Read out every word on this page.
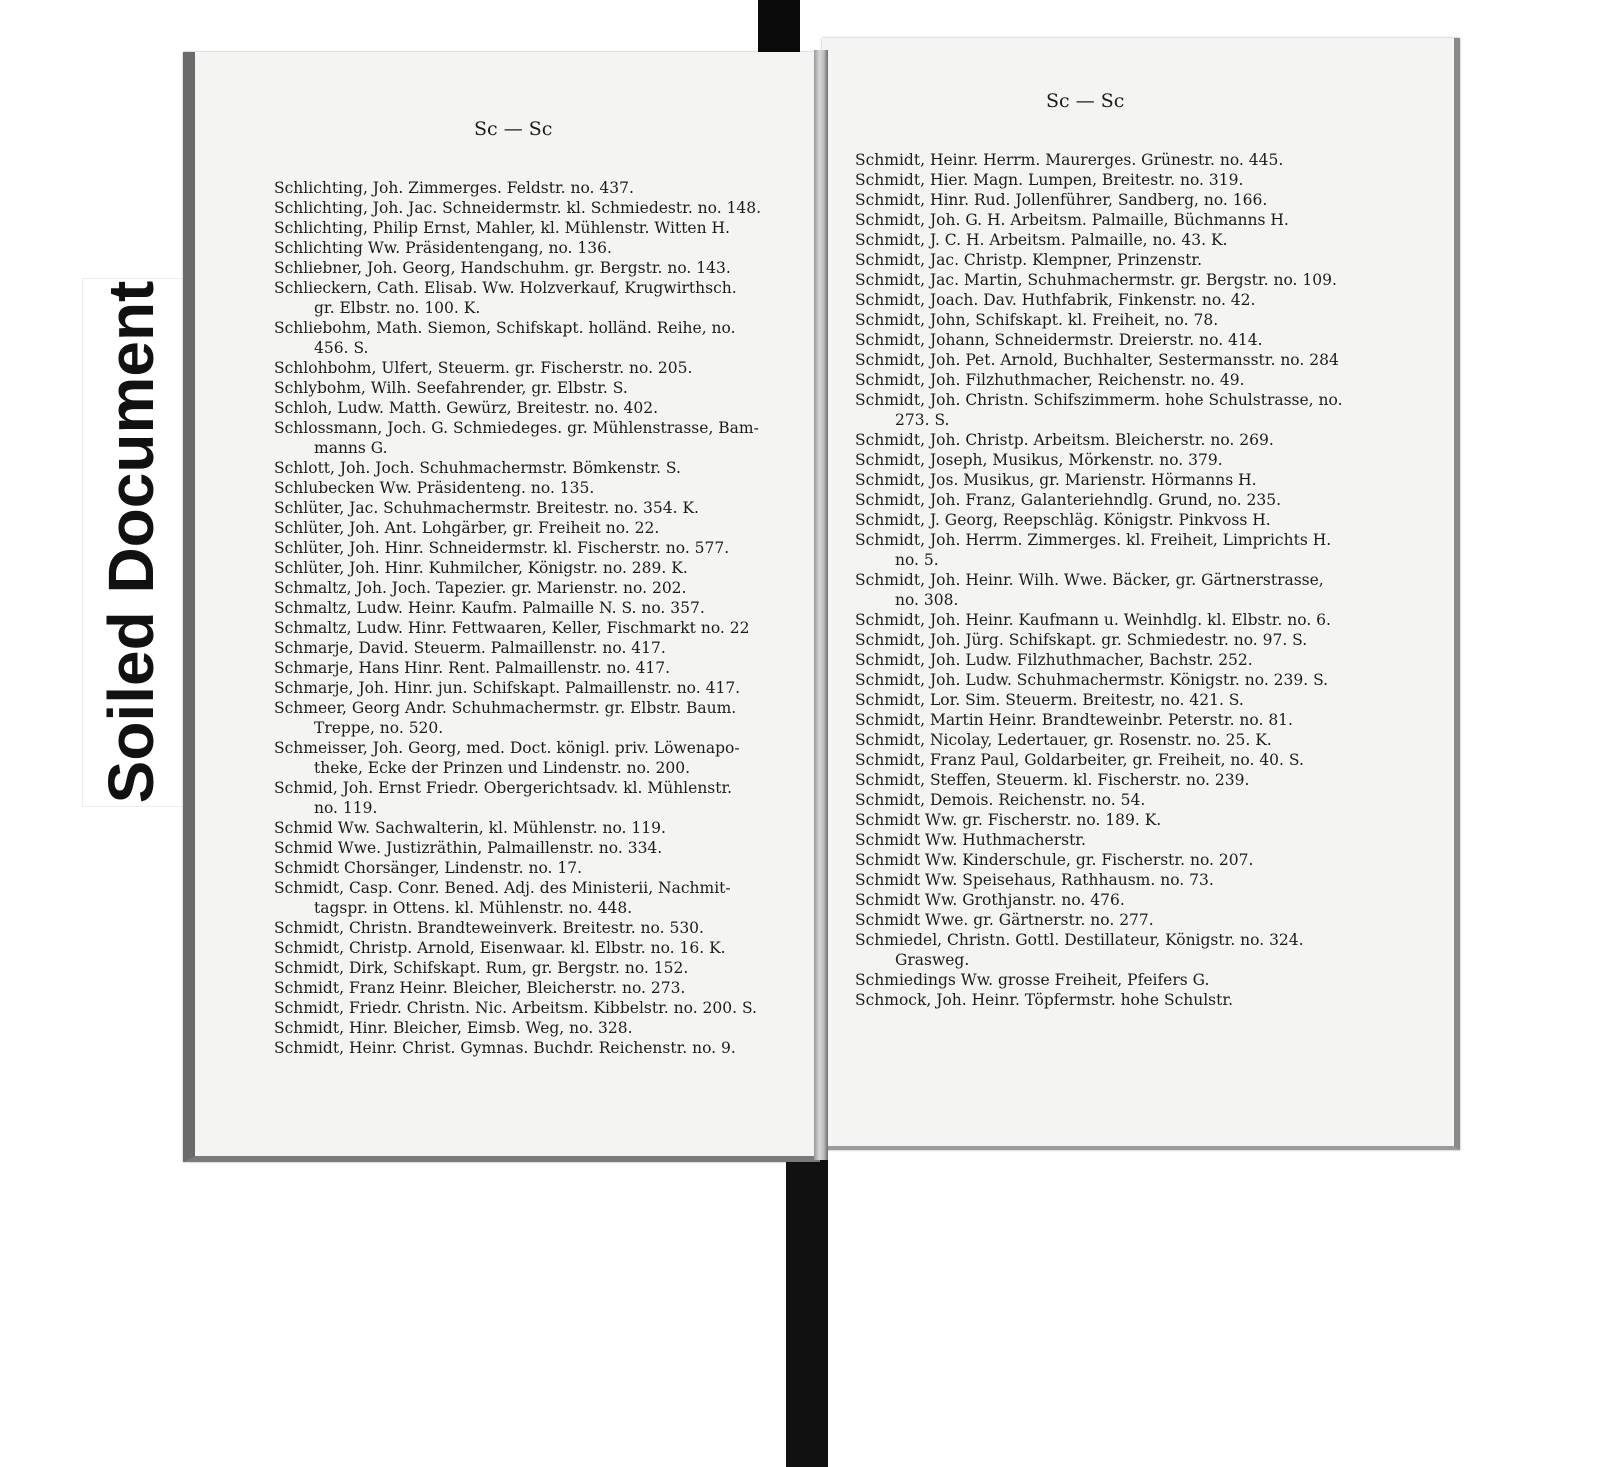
Soiled Document
Sc — Sc
Sc — Sc
Schlichting, Joh. Zimmerges. Feldstr. no. 437.
Schlichting, Joh. Jac. Schneidermstr. kl. Schmiedestr. no. 148.
Schlichting, Philip Ernst, Mahler, kl. Mühlenstr. Witten H.
Schlichting Ww. Präsidentengang, no. 136.
Schliebner, Joh. Georg, Handschuhm. gr. Bergstr. no. 143.
Schlieckern, Cath. Elisab. Ww. Holzverkauf, Krugwirthsch.
gr. Elbstr. no. 100. K.
Schliebohm, Math. Siemon, Schifskapt. holländ. Reihe, no.
456. S.
Schlohbohm, Ulfert, Steuerm. gr. Fischerstr. no. 205.
Schlybohm, Wilh. Seefahrender, gr. Elbstr. S.
Schloh, Ludw. Matth. Gewürz, Breitestr. no. 402.
Schlossmann, Joch. G. Schmiedeges. gr. Mühlenstrasse, Bam-
manns G.
Schlott, Joh. Joch. Schuhmachermstr. Bömkenstr. S.
Schlubecken Ww. Präsidenteng. no. 135.
Schlüter, Jac. Schuhmachermstr. Breitestr. no. 354. K.
Schlüter, Joh. Ant. Lohgärber, gr. Freiheit no. 22.
Schlüter, Joh. Hinr. Schneidermstr. kl. Fischerstr. no. 577.
Schlüter, Joh. Hinr. Kuhmilcher, Königstr. no. 289. K.
Schmaltz, Joh. Joch. Tapezier. gr. Marienstr. no. 202.
Schmaltz, Ludw. Heinr. Kaufm. Palmaille N. S. no. 357.
Schmaltz, Ludw. Hinr. Fettwaaren, Keller, Fischmarkt no. 22
Schmarje, David. Steuerm. Palmaillenstr. no. 417.
Schmarje, Hans Hinr. Rent. Palmaillenstr. no. 417.
Schmarje, Joh. Hinr. jun. Schifskapt. Palmaillenstr. no. 417.
Schmeer, Georg Andr. Schuhmachermstr. gr. Elbstr. Baum.
Treppe, no. 520.
Schmeisser, Joh. Georg, med. Doct. königl. priv. Löwenapo-
theke, Ecke der Prinzen und Lindenstr. no. 200.
Schmid, Joh. Ernst Friedr. Obergerichtsadv. kl. Mühlenstr.
no. 119.
Schmid Ww. Sachwalterin, kl. Mühlenstr. no. 119.
Schmid Wwe. Justizräthin, Palmaillenstr. no. 334.
Schmidt Chorsänger, Lindenstr. no. 17.
Schmidt, Casp. Conr. Bened. Adj. des Ministerii, Nachmit-
tagspr. in Ottens. kl. Mühlenstr. no. 448.
Schmidt, Christn. Brandteweinverk. Breitestr. no. 530.
Schmidt, Christp. Arnold, Eisenwaar. kl. Elbstr. no. 16. K.
Schmidt, Dirk, Schifskapt. Rum, gr. Bergstr. no. 152.
Schmidt, Franz Heinr. Bleicher, Bleicherstr. no. 273.
Schmidt, Friedr. Christn. Nic. Arbeitsm. Kibbelstr. no. 200. S.
Schmidt, Hinr. Bleicher, Eimsb. Weg, no. 328.
Schmidt, Heinr. Christ. Gymnas. Buchdr. Reichenstr. no. 9.
Schmidt, Heinr. Herrm. Maurerges. Grünestr. no. 445.
Schmidt, Hier. Magn. Lumpen, Breitestr. no. 319.
Schmidt, Hinr. Rud. Jollenführer, Sandberg, no. 166.
Schmidt, Joh. G. H. Arbeitsm. Palmaille, Büchmanns H.
Schmidt, J. C. H. Arbeitsm. Palmaille, no. 43. K.
Schmidt, Jac. Christp. Klempner, Prinzenstr.
Schmidt, Jac. Martin, Schuhmachermstr. gr. Bergstr. no. 109.
Schmidt, Joach. Dav. Huthfabrik, Finkenstr. no. 42.
Schmidt, John, Schifskapt. kl. Freiheit, no. 78.
Schmidt, Johann, Schneidermstr. Dreierstr. no. 414.
Schmidt, Joh. Pet. Arnold, Buchhalter, Sestermansstr. no. 284
Schmidt, Joh. Filzhuthmacher, Reichenstr. no. 49.
Schmidt, Joh. Christn. Schifszimmerm. hohe Schulstrasse, no.
273. S.
Schmidt, Joh. Christp. Arbeitsm. Bleicherstr. no. 269.
Schmidt, Joseph, Musikus, Mörkenstr. no. 379.
Schmidt, Jos. Musikus, gr. Marienstr. Hörmanns H.
Schmidt, Joh. Franz, Galanteriehndlg. Grund, no. 235.
Schmidt, J. Georg, Reepschläg. Königstr. Pinkvoss H.
Schmidt, Joh. Herrm. Zimmerges. kl. Freiheit, Limprichts H.
no. 5.
Schmidt, Joh. Heinr. Wilh. Wwe. Bäcker, gr. Gärtnerstrasse,
no. 308.
Schmidt, Joh. Heinr. Kaufmann u. Weinhdlg. kl. Elbstr. no. 6.
Schmidt, Joh. Jürg. Schifskapt. gr. Schmiedestr. no. 97. S.
Schmidt, Joh. Ludw. Filzhuthmacher, Bachstr. 252.
Schmidt, Joh. Ludw. Schuhmachermstr. Königstr. no. 239. S.
Schmidt, Lor. Sim. Steuerm. Breitestr, no. 421. S.
Schmidt, Martin Heinr. Brandteweinbr. Peterstr. no. 81.
Schmidt, Nicolay, Ledertauer, gr. Rosenstr. no. 25. K.
Schmidt, Franz Paul, Goldarbeiter, gr. Freiheit, no. 40. S.
Schmidt, Steffen, Steuerm. kl. Fischerstr. no. 239.
Schmidt, Demois. Reichenstr. no. 54.
Schmidt Ww. gr. Fischerstr. no. 189. K.
Schmidt Ww. Huthmacherstr.
Schmidt Ww. Kinderschule, gr. Fischerstr. no. 207.
Schmidt Ww. Speisehaus, Rathhausm. no. 73.
Schmidt Ww. Grothjanstr. no. 476.
Schmidt Wwe. gr. Gärtnerstr. no. 277.
Schmiedel, Christn. Gottl. Destillateur, Königstr. no. 324.
Grasweg.
Schmiedings Ww. grosse Freiheit, Pfeifers G.
Schmock, Joh. Heinr. Töpfermstr. hohe Schulstr.
